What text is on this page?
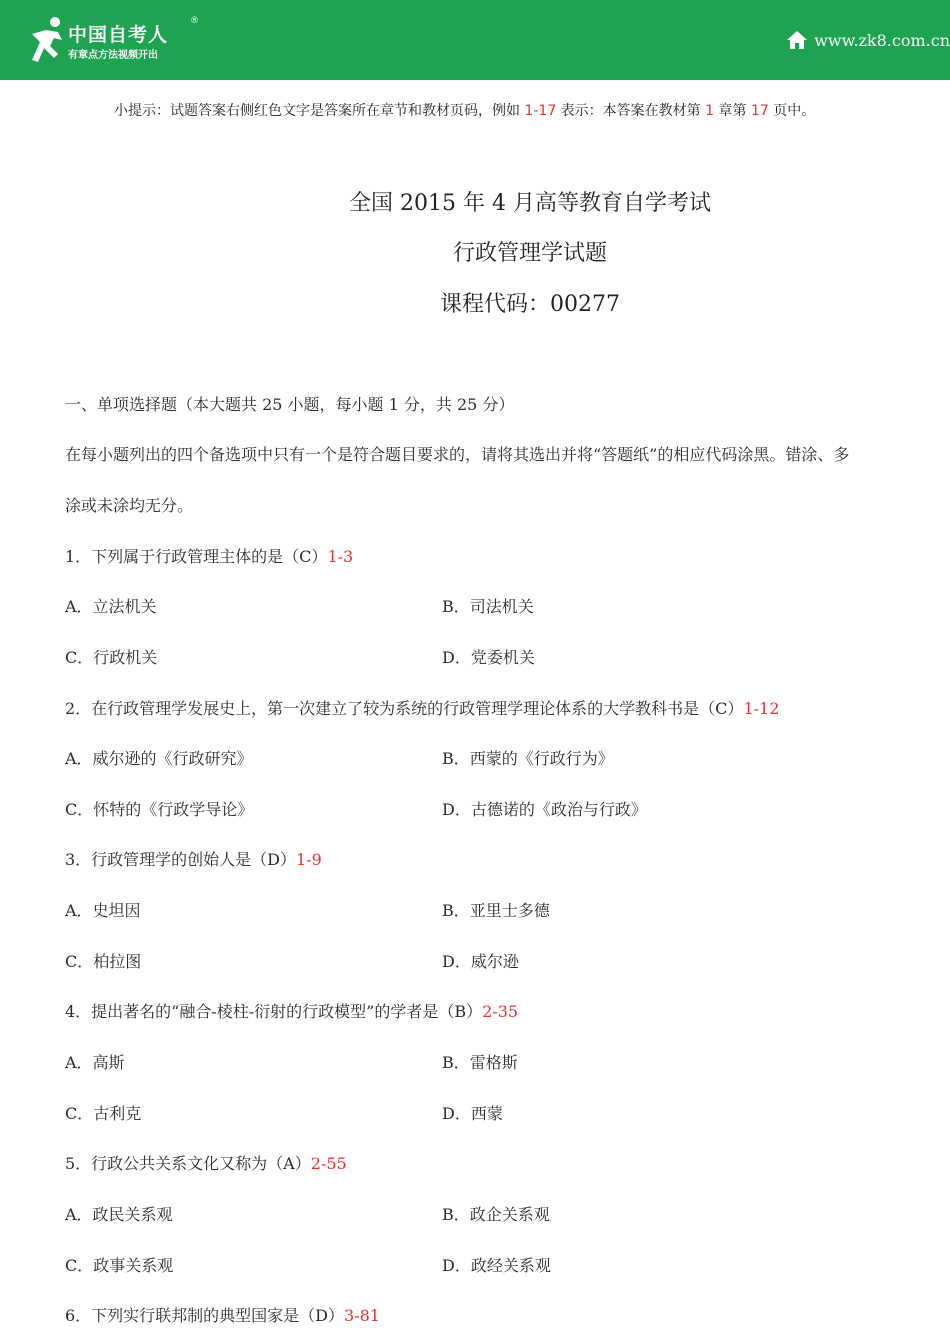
中国自考人
®
有章点方法视频开出
www.zk8.com.cn
小提示：试题答案右侧红色文字是答案所在章节和教材页码，例如 1-17 表示：本答案在教材第 1 章第 17 页中。
全国 2015 年 4 月高等教育自学考试
行政管理学试题
课程代码：00277
一、单项选择题（本大题共 25 小题，每小题 1 分，共 25 分）
在每小题列出的四个备选项中只有一个是符合题目要求的，请将其选出并将“答题纸”的相应代码涂黑。错涂、多
涂或未涂均无分。
1．下列属于行政管理主体的是（C）1-3
A．立法机关	B．司法机关
C．行政机关	D．党委机关
2．在行政管理学发展史上，第一次建立了较为系统的行政管理学理论体系的大学教科书是（C）1-12
A．威尔逊的《行政研究》	B．西蒙的《行政行为》
C．怀特的《行政学导论》	D．古德诺的《政治与行政》
3．行政管理学的创始人是（D）1-9
A．史坦因	B．亚里士多德
C．柏拉图	D．威尔逊
4．提出著名的“融合-棱柱-衍射的行政模型”的学者是（B）2-35
A．高斯	B．雷格斯
C．古利克	D．西蒙
5．行政公共关系文化又称为（A）2-55
A．政民关系观	B．政企关系观
C．政事关系观	D．政经关系观
6．下列实行联邦制的典型国家是（D）3-81
